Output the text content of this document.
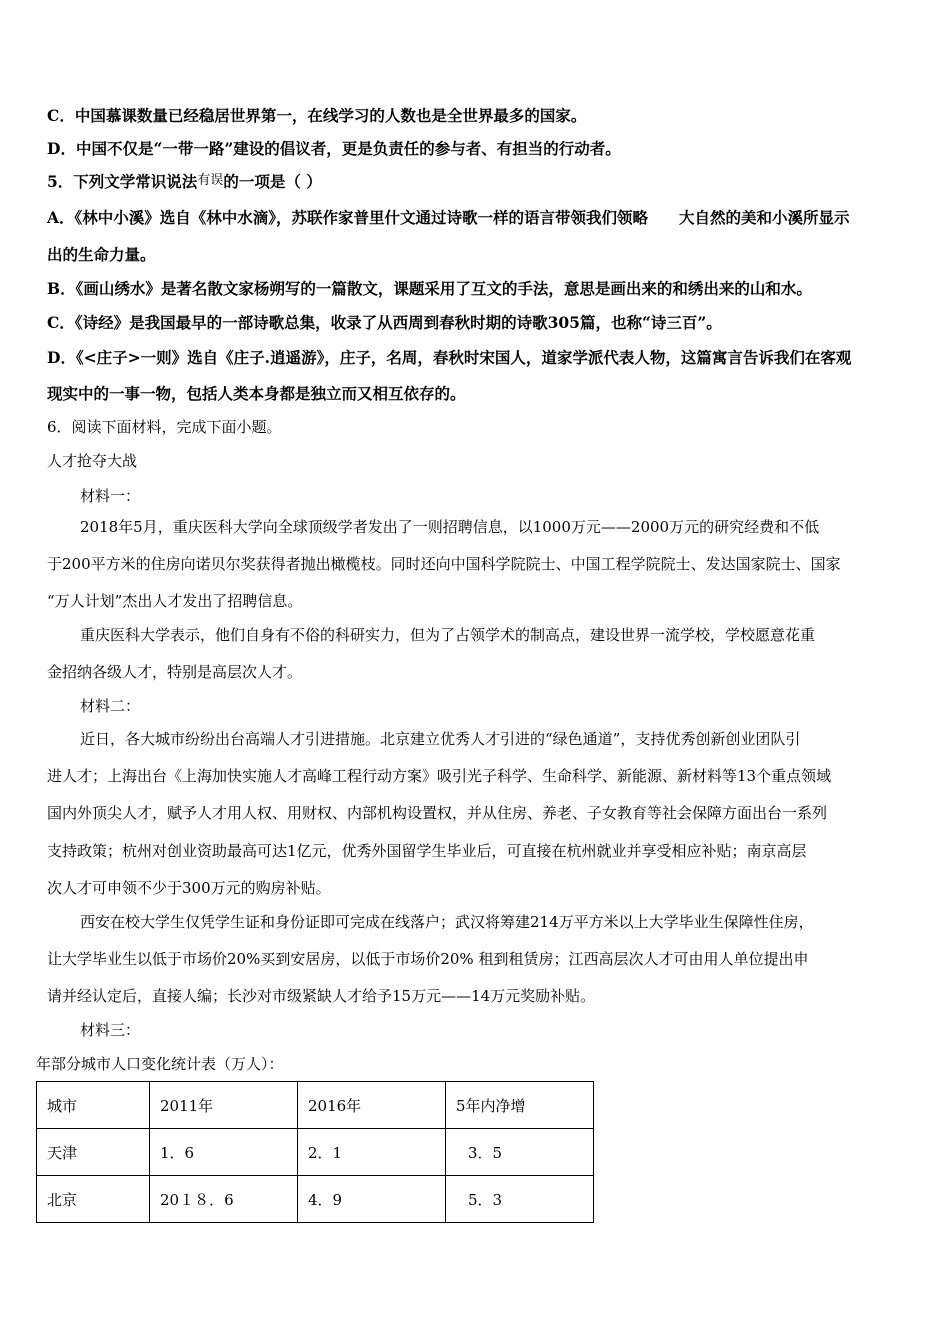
C．中国慕课数量已经稳居世界第一，在线学习的人数也是全世界最多的国家。
D．中国不仅是“一带一路”建设的倡议者，更是负责任的参与者、有担当的行动者。
5．下列文学常识说法有误的一项是（ ）
A．《林中小溪》选自《林中水滴》，苏联作家普里什文通过诗歌一样的语言带领我们领略　　大自然的美和小溪所显示
出的生命力量。
B．《画山绣水》是著名散文家杨朔写的一篇散文，课题采用了互文的手法，意思是画出来的和绣出来的山和水。
C．《诗经》是我国最早的一部诗歌总集，收录了从西周到春秋时期的诗歌305篇，也称“诗三百”。
D．《<庄子>一则》选自《庄子.逍遥游》，庄子，名周，春秋时宋国人，道家学派代表人物，这篇寓言告诉我们在客观
现实中的一事一物，包括人类本身都是独立而又相互依存的。
6．阅读下面材料，完成下面小题。
人才抢夺大战
材料一：
2018年5月，重庆医科大学向全球顶级学者发出了一则招聘信息，以1000万元——2000万元的研究经费和不低
于200平方米的住房向诺贝尔奖获得者抛出橄榄枝。同时还向中国科学院院士、中国工程学院院士、发达国家院士、国家
“万人计划”杰出人才发出了招聘信息。
重庆医科大学表示，他们自身有不俗的科研实力，但为了占领学术的制高点，建设世界一流学校，学校愿意花重
金招纳各级人才，特别是高层次人才。
材料二：
近日，各大城市纷纷出台高端人才引进措施。北京建立优秀人才引进的“绿色通道”，支持优秀创新创业团队引
进人才；上海出台《上海加快实施人才高峰工程行动方案》吸引光子科学、生命科学、新能源、新材料等13个重点领域
国内外顶尖人才，赋予人才用人权、用财权、内部机构设置权，并从住房、养老、子女教育等社会保障方面出台一系列
支持政策；杭州对创业资助最高可达1亿元，优秀外国留学生毕业后，可直接在杭州就业并享受相应补贴；南京高层
次人才可申领不少于300万元的购房补贴。
西安在校大学生仅凭学生证和身份证即可完成在线落户；武汉将筹建214万平方米以上大学毕业生保障性住房，
让大学毕业生以低于市场价20%买到安居房，以低于市场价20% 租到租赁房；江西高层次人才可由用人单位提出申
请并经认定后，直接人编；长沙对市级紧缺人才给予15万元——14万元奖励补贴。
材料三：
年部分城市人口变化统计表（万人）：
城市	2011年	2016年	5年内净增
天津	1．6	2．1	3．5
北京	20１８．6	4．9	5．3
